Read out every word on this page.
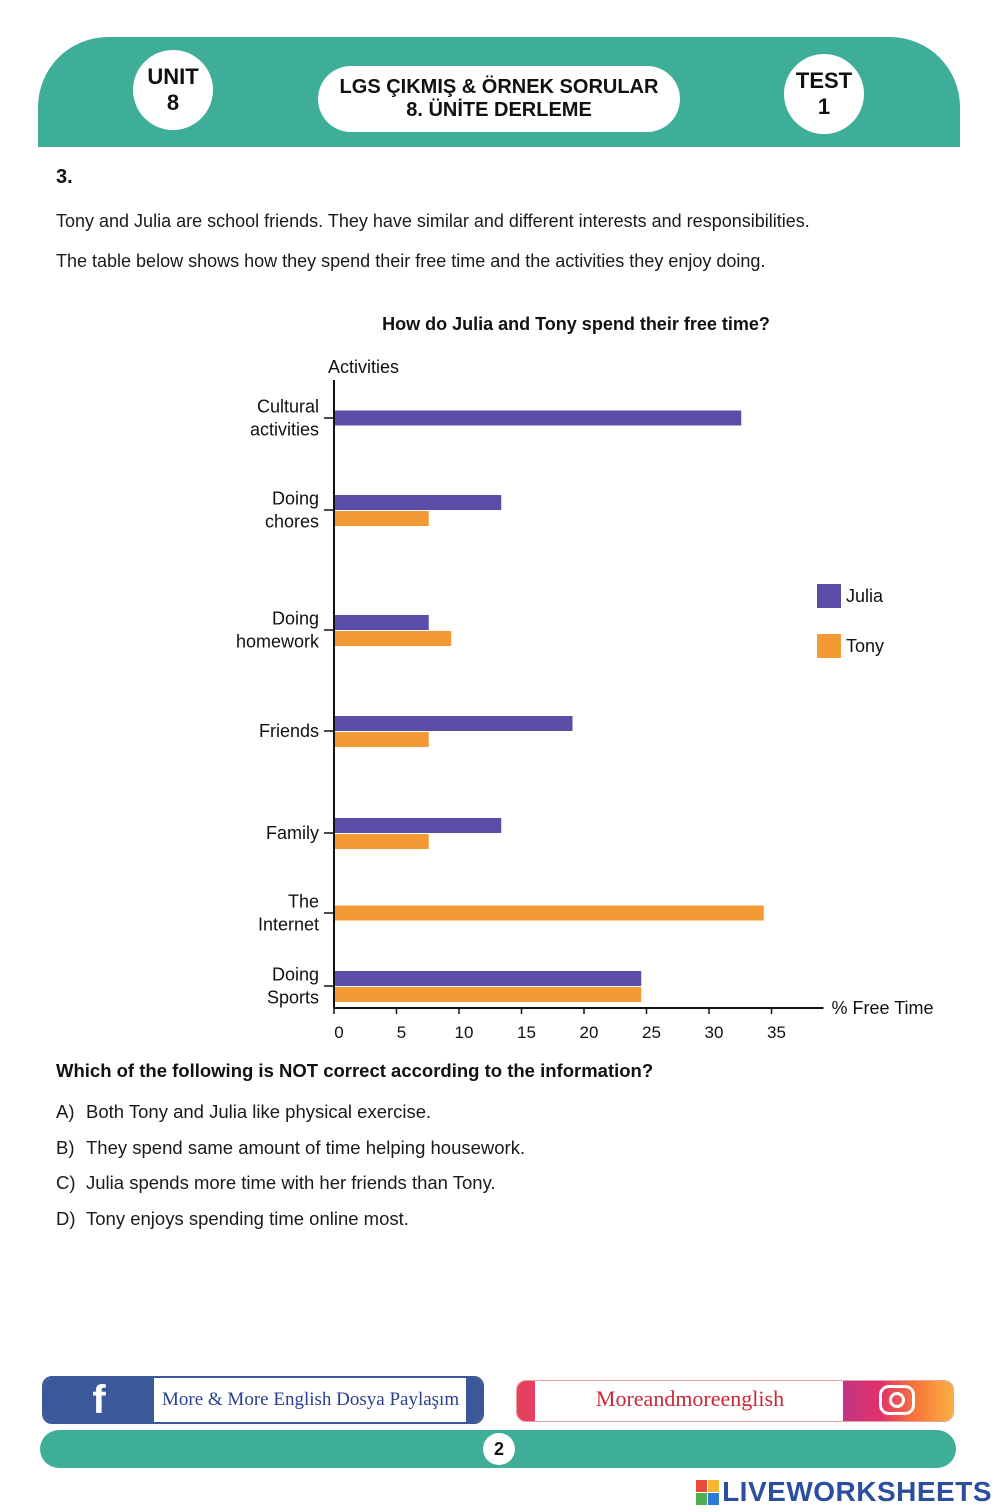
UNIT
8
LGS ÇIKMIŞ & ÖRNEK SORULAR
8. ÜNİTE DERLEME
TEST
1
3.
Tony and Julia are school friends. They have similar and different interests and responsibilities.
The table below shows how they spend their free time and the activities they enjoy doing.
How do Julia and Tony spend their free time?
Activities
% Free Time
0	5	10	15	20	25	30	35
Cultural
activities
Doing
chores
Doing
homework
Friends
Family
The
Internet
Doing
Sports
Julia
Tony
Which of the following is NOT correct according to the information?
A) Both Tony and Julia like physical exercise.
B) They spend same amount of time helping housework.
C) Julia spends more time with her friends than Tony.
D) Tony enjoys spending time online most.
f	More & More English Dosya Paylaşım	Moreandmoreenglish
2
LIVEWORKSHEETS
